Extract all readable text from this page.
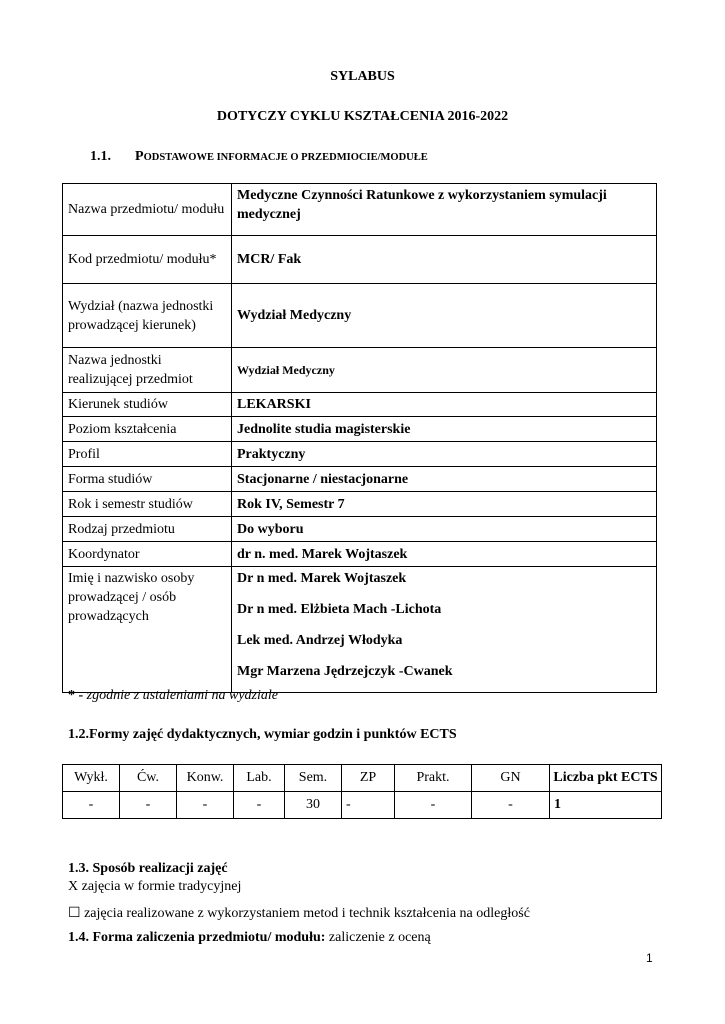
SYLABUS
DOTYCZY CYKLU KSZTAŁCENIA 2016-2022
1.1. PODSTAWOWE INFORMACJE O PRZEDMIOCIE/MODUŁE
Nazwa przedmiotu/ modułu	Medyczne Czynności Ratunkowe z wykorzystaniem symulacji medycznej
Kod przedmiotu/ modułu*	MCR/ Fak
Wydział (nazwa jednostki prowadzącej kierunek)	Wydział Medyczny
Nazwa jednostki realizującej przedmiot	Wydział Medyczny
Kierunek studiów	LEKARSKI
Poziom kształcenia	Jednolite studia magisterskie
Profil	Praktyczny
Forma studiów	Stacjonarne / niestacjonarne
Rok i semestr studiów	Rok IV, Semestr 7
Rodzaj przedmiotu	Do wyboru
Koordynator	dr n. med. Marek Wojtaszek
Imię i nazwisko osoby prowadzącej / osób prowadzących	Dr n med. Marek Wojtaszek
Dr n med. Elżbieta Mach -Lichota
Lek med. Andrzej Włodyka
Mgr Marzena Jędrzejczyk -Cwanek
* - zgodnie z ustaleniami na wydziale
1.2.Formy zajęć dydaktycznych, wymiar godzin i punktów ECTS
Wykł.	Ćw.	Konw.	Lab.	Sem.	ZP	Prakt.	GN	Liczba pkt ECTS
-	-	-	-	30	-	-	-	1
1.3. Sposób realizacji zajęć
X zajęcia w formie tradycyjnej
☐ zajęcia realizowane z wykorzystaniem metod i technik kształcenia na odległość
1.4. Forma zaliczenia przedmiotu/ modułu: zaliczenie z oceną
1
